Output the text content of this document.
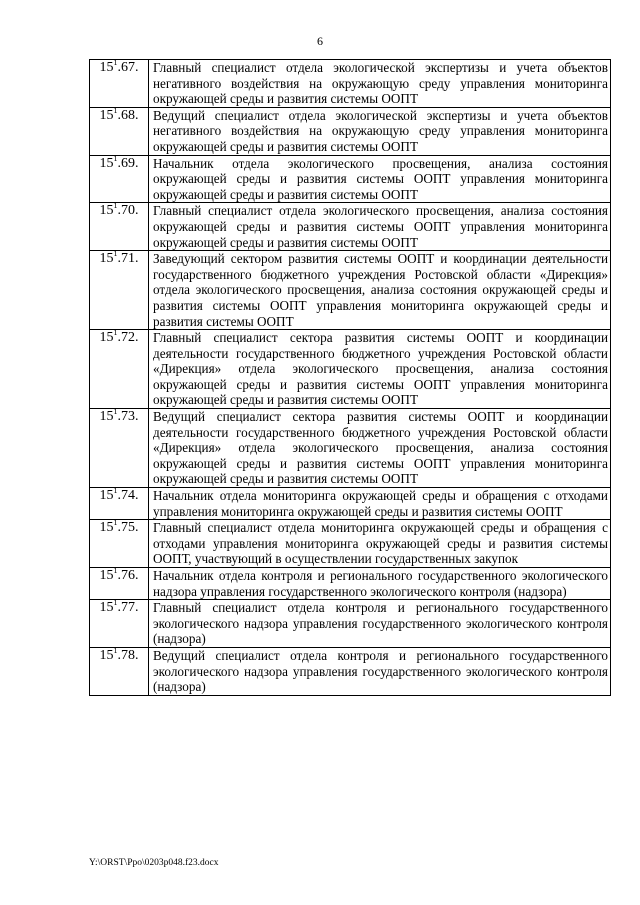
6
$15^1.67$.	Главный специалист отдела экологической экспертизы и учета объектов негативного воздействия на окружающую среду управления мониторинга окружающей среды и развития системы ООПТ
$15^1.68$.	Ведущий специалист отдела экологической экспертизы и учета объектов негативного воздействия на окружающую среду управления мониторинга окружающей среды и развития системы ООПТ
$15^1.69$.	Начальник отдела экологического просвещения, анализа состояния окружающей среды и развития системы ООПТ управления мониторинга окружающей среды и развития системы ООПТ
$15^1.70$.	Главный специалист отдела экологического просвещения, анализа состояния окружающей среды и развития системы ООПТ управления мониторинга окружающей среды и развития системы ООПТ
$15^1.71$.	Заведующий сектором развития системы ООПТ и координации деятельности государственного бюджетного учреждения Ростовской области «Дирекция» отдела экологического просвещения, анализа состояния окружающей среды и развития системы ООПТ управления мониторинга окружающей среды и развития системы ООПТ
$15^1.72$.	Главный специалист сектора развития системы ООПТ и координации деятельности государственного бюджетного учреждения Ростовской области «Дирекция» отдела экологического просвещения, анализа состояния окружающей среды и развития системы ООПТ управления мониторинга окружающей среды и развития системы ООПТ
$15^1.73$.	Ведущий специалист сектора развития системы ООПТ и координации деятельности государственного бюджетного учреждения Ростовской области «Дирекция» отдела экологического просвещения, анализа состояния окружающей среды и развития системы ООПТ управления мониторинга окружающей среды и развития системы ООПТ
$15^1.74$.	Начальник отдела мониторинга окружающей среды и обращения с отходами управления мониторинга окружающей среды и развития системы ООПТ
$15^1.75$.	Главный специалист отдела мониторинга окружающей среды и обращения с отходами управления мониторинга окружающей среды и развития системы ООПТ, участвующий в осуществлении государственных закупок
$15^1.76$.	Начальник отдела контроля и регионального государственного экологического надзора управления государственного экологического контроля (надзора)
$15^1.77$.	Главный специалист отдела контроля и регионального государственного экологического надзора управления государственного экологического контроля (надзора)
$15^1.78$.	Ведущий специалист отдела контроля и регионального государственного экологического надзора управления государственного экологического контроля (надзора)
Y:\ORST\Ppo\0203p048.f23.docx
